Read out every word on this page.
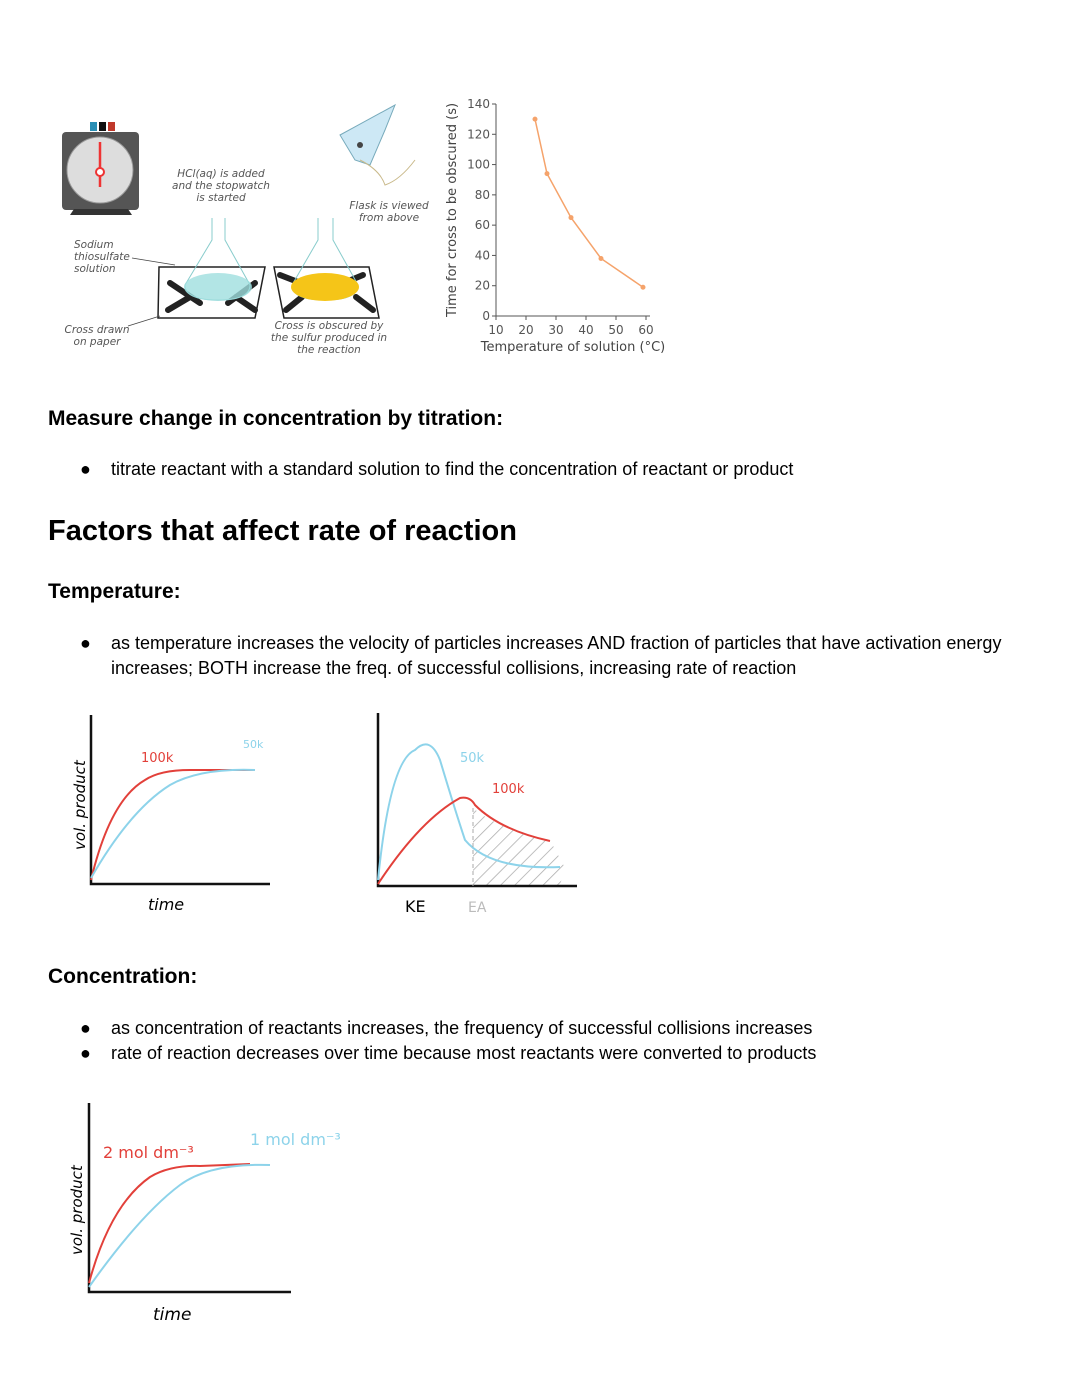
HCl(aq) is added and the stopwatch is started
Flask is viewed from above
Sodium thiosulfate solution
Cross drawn on paper
Cross is obscured by the sulfur produced in the reaction
Time for cross to be obscured (s)
Temperature of solution (°C)
0
20
40
60
80
100
120
140
10 20 30 40 50 60
Measure change in concentration by titration:
● titrate reactant with a standard solution to find the concentration of reactant or product
Factors that affect rate of reaction
Temperature:
● as temperature increases the velocity of particles increases AND fraction of particles that have activation energy increases; BOTH increase the freq. of successful collisions, increasing rate of reaction
100k
50k
time
vol. product
50k
100k
KE	EA
Concentration:
● as concentration of reactants increases, the frequency of successful collisions increases
● rate of reaction decreases over time because most reactants were converted to products
2 mol dm⁻³
1 mol dm⁻³
time
vol. product
